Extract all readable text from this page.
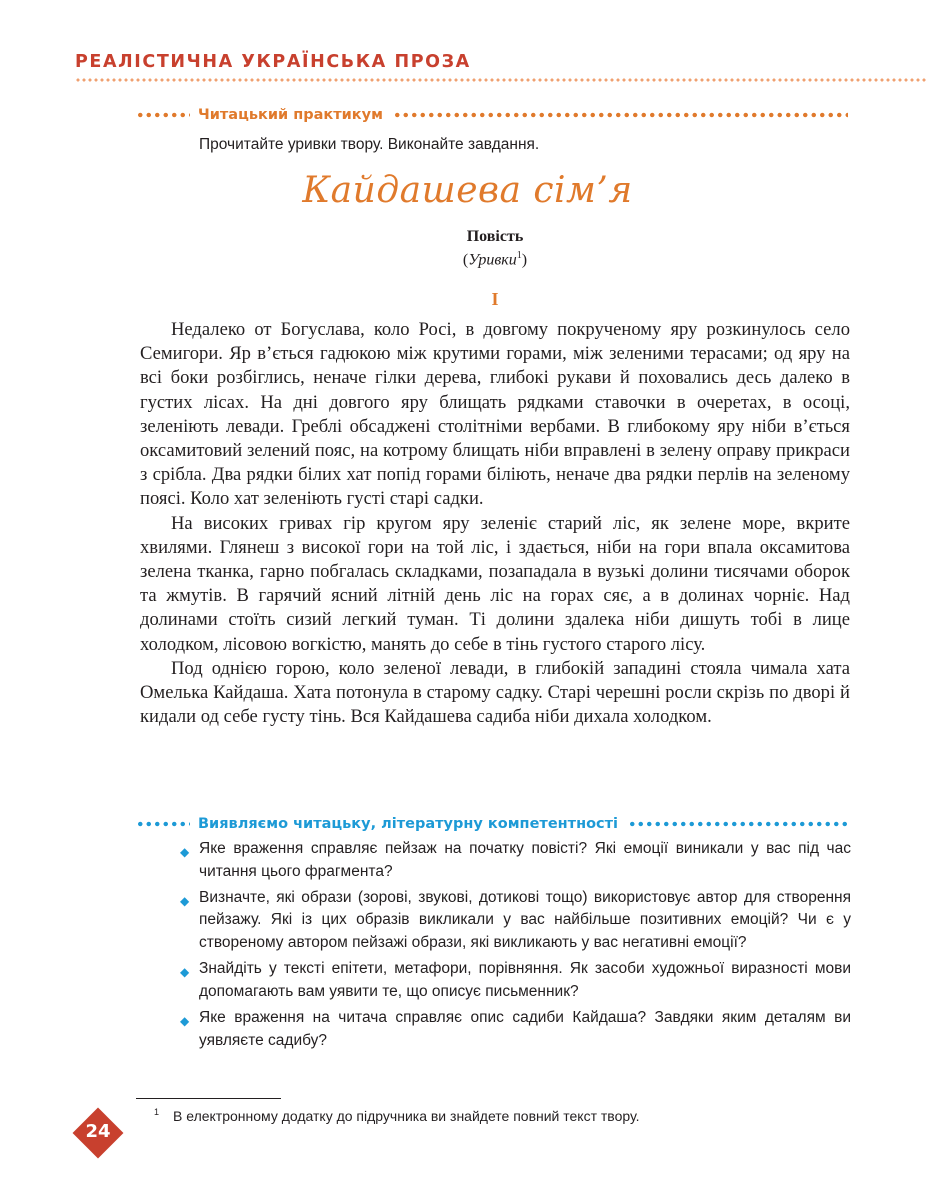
РЕАЛІСТИЧНА УКРАЇНСЬКА ПРОЗА
Читацький практикум
Прочитайте уривки твору. Виконайте завдання.
Кайдашева сім’я
Повість
(Уривки$^1$)
І

Недалеко от Богуслава, коло Росі, в довгому покрученому яру розкинулось село Семигори. Яр в’ється гадюкою між крутими горами, між зеленими терасами; од яру на всі боки розбіглись, неначе гілки дерева, глибокі рукави й поховались десь далеко в густих лісах. На дні довгого яру блищать рядками ставочки в очеретах, в осоці, зеленіють левади. Греблі обсаджені столітніми вербами. В глибокому яру ніби в’ється оксамитовий зелений пояс, на котрому блищать ніби вправлені в зелену оправу прикраси з срібла. Два рядки білих хат попід горами біліють, неначе два рядки перлів на зеленому поясі. Коло хат зеленіють густі старі садки.

На високих гривах гір кругом яру зеленіє старий ліс, як зелене море, вкрите хвилями. Глянеш з високої гори на той ліс, і здається, ніби на гори впала оксамитова зелена тканка, гарно побгалась складками, позападала в вузькі долини тисячами оборок та жмутів. В гарячий ясний літній день ліс на горах сяє, а в долинах чорніє. Над долинами стоїть сизий легкий туман. Ті долини здалека ніби дишуть тобі в лице холодком, лісовою вогкістю, манять до себе в тінь густого старого лісу.

Под однією горою, коло зеленої левади, в глибокій западині стояла чимала хата Омелька Кайдаша. Хата потонула в старому садку. Старі черешні росли скрізь по дворі й кидали од себе густу тінь. Вся Кайдашева садиба ніби дихала холодком.

Виявляємо читацьку, літературну компетентності
◆ Яке враження справляє пейзаж на початку повісті? Які емоції виникали у вас під час читання цього фрагмента?
◆ Визначте, які образи (зорові, звукові, дотикові тощо) використовує автор для створення пейзажу. Які із цих образів викликали у вас найбільше позитивних емоцій? Чи є у створеному автором пейзажі образи, які викликають у вас негативні емоції?
◆ Знайдіть у тексті епітети, метафори, порівняння. Як засоби художньої виразності мови допомагають вам уявити те, що описує письменник?
◆ Яке враження на читача справляє опис садиби Кайдаша? Завдяки яким деталям ви уявляєте садибу?
$^1$ В електронному додатку до підручника ви знайдете повний текст твору.
24
